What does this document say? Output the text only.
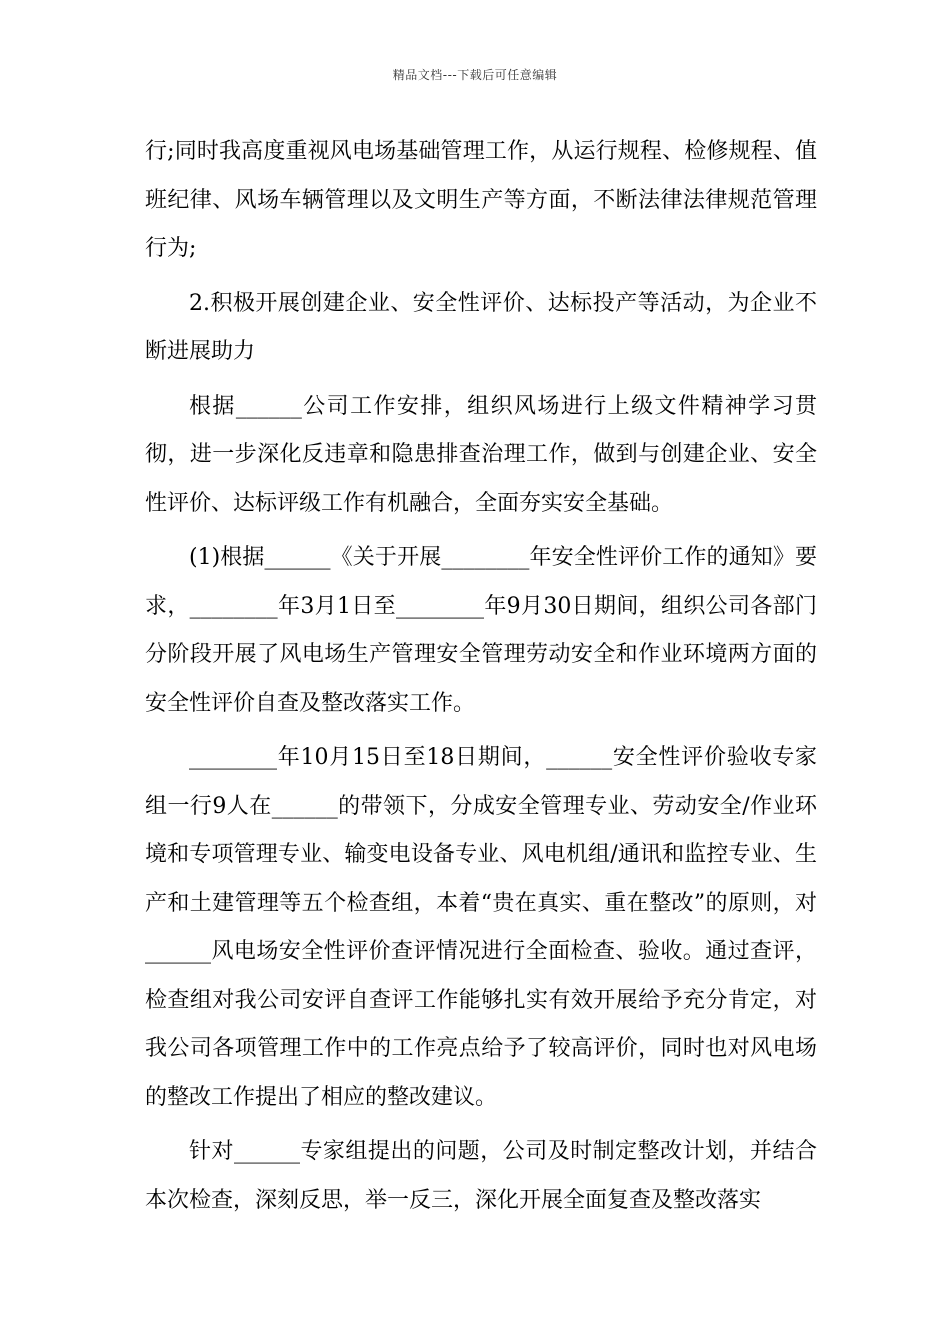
精品文档---下载后可任意编辑

行;同时我高度重视风电场基础管理工作，从运行规程、检修规程、值班纪律、风场车辆管理以及文明生产等方面，不断法律法律规范管理行为;

2.积极开展创建企业、安全性评价、达标投产等活动，为企业不断进展助力

根据______公司工作安排，组织风场进行上级文件精神学习贯彻，进一步深化反违章和隐患排查治理工作，做到与创建企业、安全性评价、达标评级工作有机融合，全面夯实安全基础。

(1)根据______《关于开展________年安全性评价工作的通知》要求，________年3月1日至________年9月30日期间，组织公司各部门分阶段开展了风电场生产管理安全管理劳动安全和作业环境两方面的安全性评价自查及整改落实工作。

________年10月15日至18日期间，______安全性评价验收专家组一行9人在______的带领下，分成安全管理专业、劳动安全/作业环境和专项管理专业、输变电设备专业、风电机组/通讯和监控专业、生产和土建管理等五个检查组，本着“贵在真实、重在整改”的原则，对______风电场安全性评价查评情况进行全面检查、验收。通过查评，检查组对我公司安评自查评工作能够扎实有效开展给予充分肯定，对我公司各项管理工作中的工作亮点给予了较高评价，同时也对风电场的整改工作提出了相应的整改建议。

针对______专家组提出的问题，公司及时制定整改计划，并结合本次检查，深刻反思，举一反三，深化开展全面复查及整改落实
